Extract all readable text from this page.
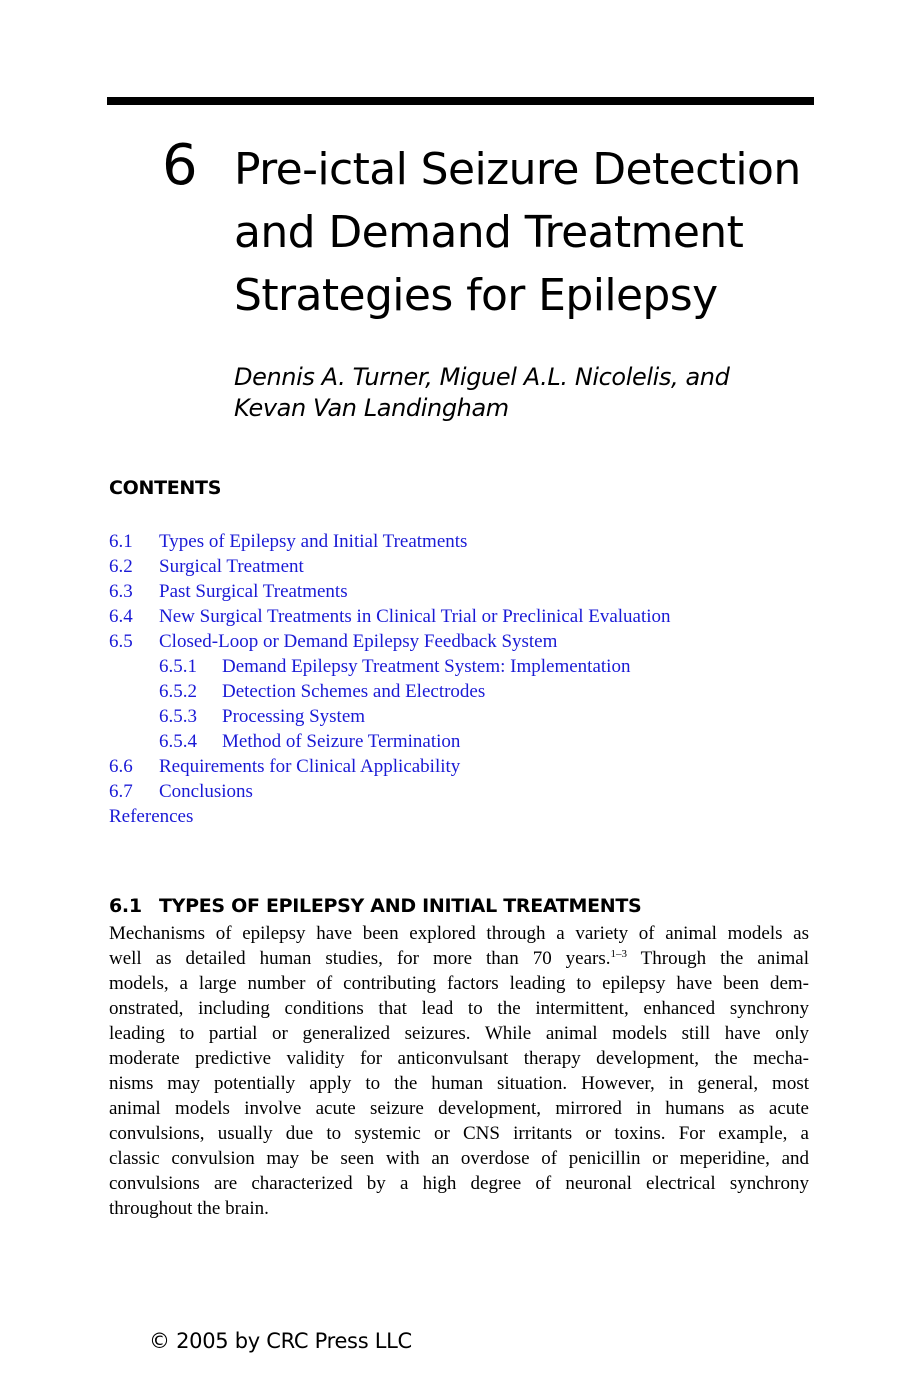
6 Pre-ictal Seizure Detection
and Demand Treatment
Strategies for Epilepsy
Dennis A. Turner, Miguel A.L. Nicolelis, and
Kevan Van Landingham
CONTENTS
6.1 Types of Epilepsy and Initial Treatments
6.2 Surgical Treatment
6.3 Past Surgical Treatments
6.4 New Surgical Treatments in Clinical Trial or Preclinical Evaluation
6.5 Closed-Loop or Demand Epilepsy Feedback System
6.5.1 Demand Epilepsy Treatment System: Implementation
6.5.2 Detection Schemes and Electrodes
6.5.3 Processing System
6.5.4 Method of Seizure Termination
6.6 Requirements for Clinical Applicability
6.7 Conclusions
References
6.1 TYPES OF EPILEPSY AND INITIAL TREATMENTS
Mechanisms of epilepsy have been explored through a variety of animal models as
well as detailed human studies, for more than 70 years.$^{1-3}$ Through the animal
models, a large number of contributing factors leading to epilepsy have been dem-
onstrated, including conditions that lead to the intermittent, enhanced synchrony
leading to partial or generalized seizures. While animal models still have only
moderate predictive validity for anticonvulsant therapy development, the mecha-
nisms may potentially apply to the human situation. However, in general, most
animal models involve acute seizure development, mirrored in humans as acute
convulsions, usually due to systemic or CNS irritants or toxins. For example, a
classic convulsion may be seen with an overdose of penicillin or meperidine, and
convulsions are characterized by a high degree of neuronal electrical synchrony
throughout the brain.
© 2005 by CRC Press LLC
